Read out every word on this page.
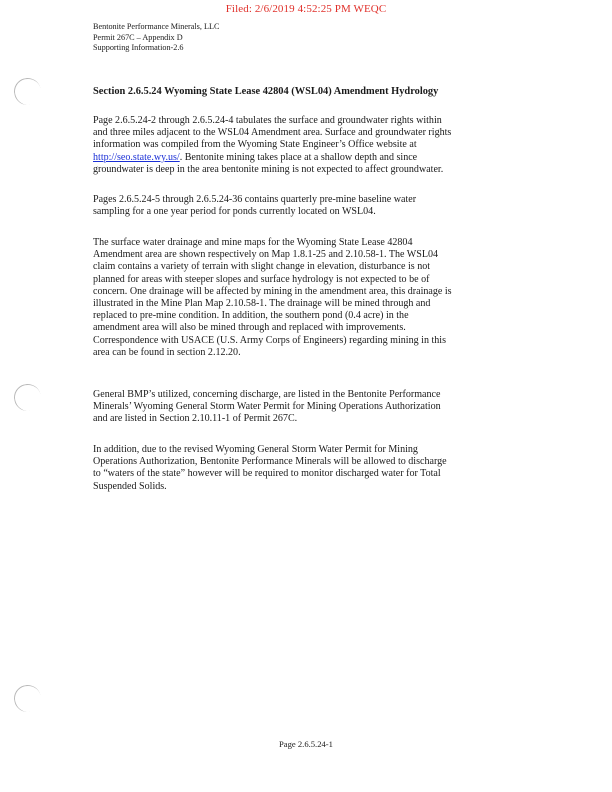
Filed: 2/6/2019 4:52:25 PM WEQC
Bentonite Performance Minerals, LLC
Permit 267C – Appendix D
Supporting Information-2.6
Section 2.6.5.24 Wyoming State Lease 42804 (WSL04) Amendment Hydrology
Page 2.6.5.24-2 through 2.6.5.24-4 tabulates the surface and groundwater rights within
and three miles adjacent to the WSL04 Amendment area. Surface and groundwater rights
information was compiled from the Wyoming State Engineer’s Office website at
http://seo.state.wy.us/. Bentonite mining takes place at a shallow depth and since
groundwater is deep in the area bentonite mining is not expected to affect groundwater.
Pages 2.6.5.24-5 through 2.6.5.24-36 contains quarterly pre-mine baseline water
sampling for a one year period for ponds currently located on WSL04.
The surface water drainage and mine maps for the Wyoming State Lease 42804
Amendment area are shown respectively on Map 1.8.1-25 and 2.10.58-1. The WSL04
claim contains a variety of terrain with slight change in elevation, disturbance is not
planned for areas with steeper slopes and surface hydrology is not expected to be of
concern. One drainage will be affected by mining in the amendment area, this drainage is
illustrated in the Mine Plan Map 2.10.58-1. The drainage will be mined through and
replaced to pre-mine condition. In addition, the southern pond (0.4 acre) in the
amendment area will also be mined through and replaced with improvements.
Correspondence with USACE (U.S. Army Corps of Engineers) regarding mining in this
area can be found in section 2.12.20.
General BMP’s utilized, concerning discharge, are listed in the Bentonite Performance
Minerals’ Wyoming General Storm Water Permit for Mining Operations Authorization
and are listed in Section 2.10.11-1 of Permit 267C.
In addition, due to the revised Wyoming General Storm Water Permit for Mining
Operations Authorization, Bentonite Performance Minerals will be allowed to discharge
to “waters of the state” however will be required to monitor discharged water for Total
Suspended Solids.
Page 2.6.5.24-1
